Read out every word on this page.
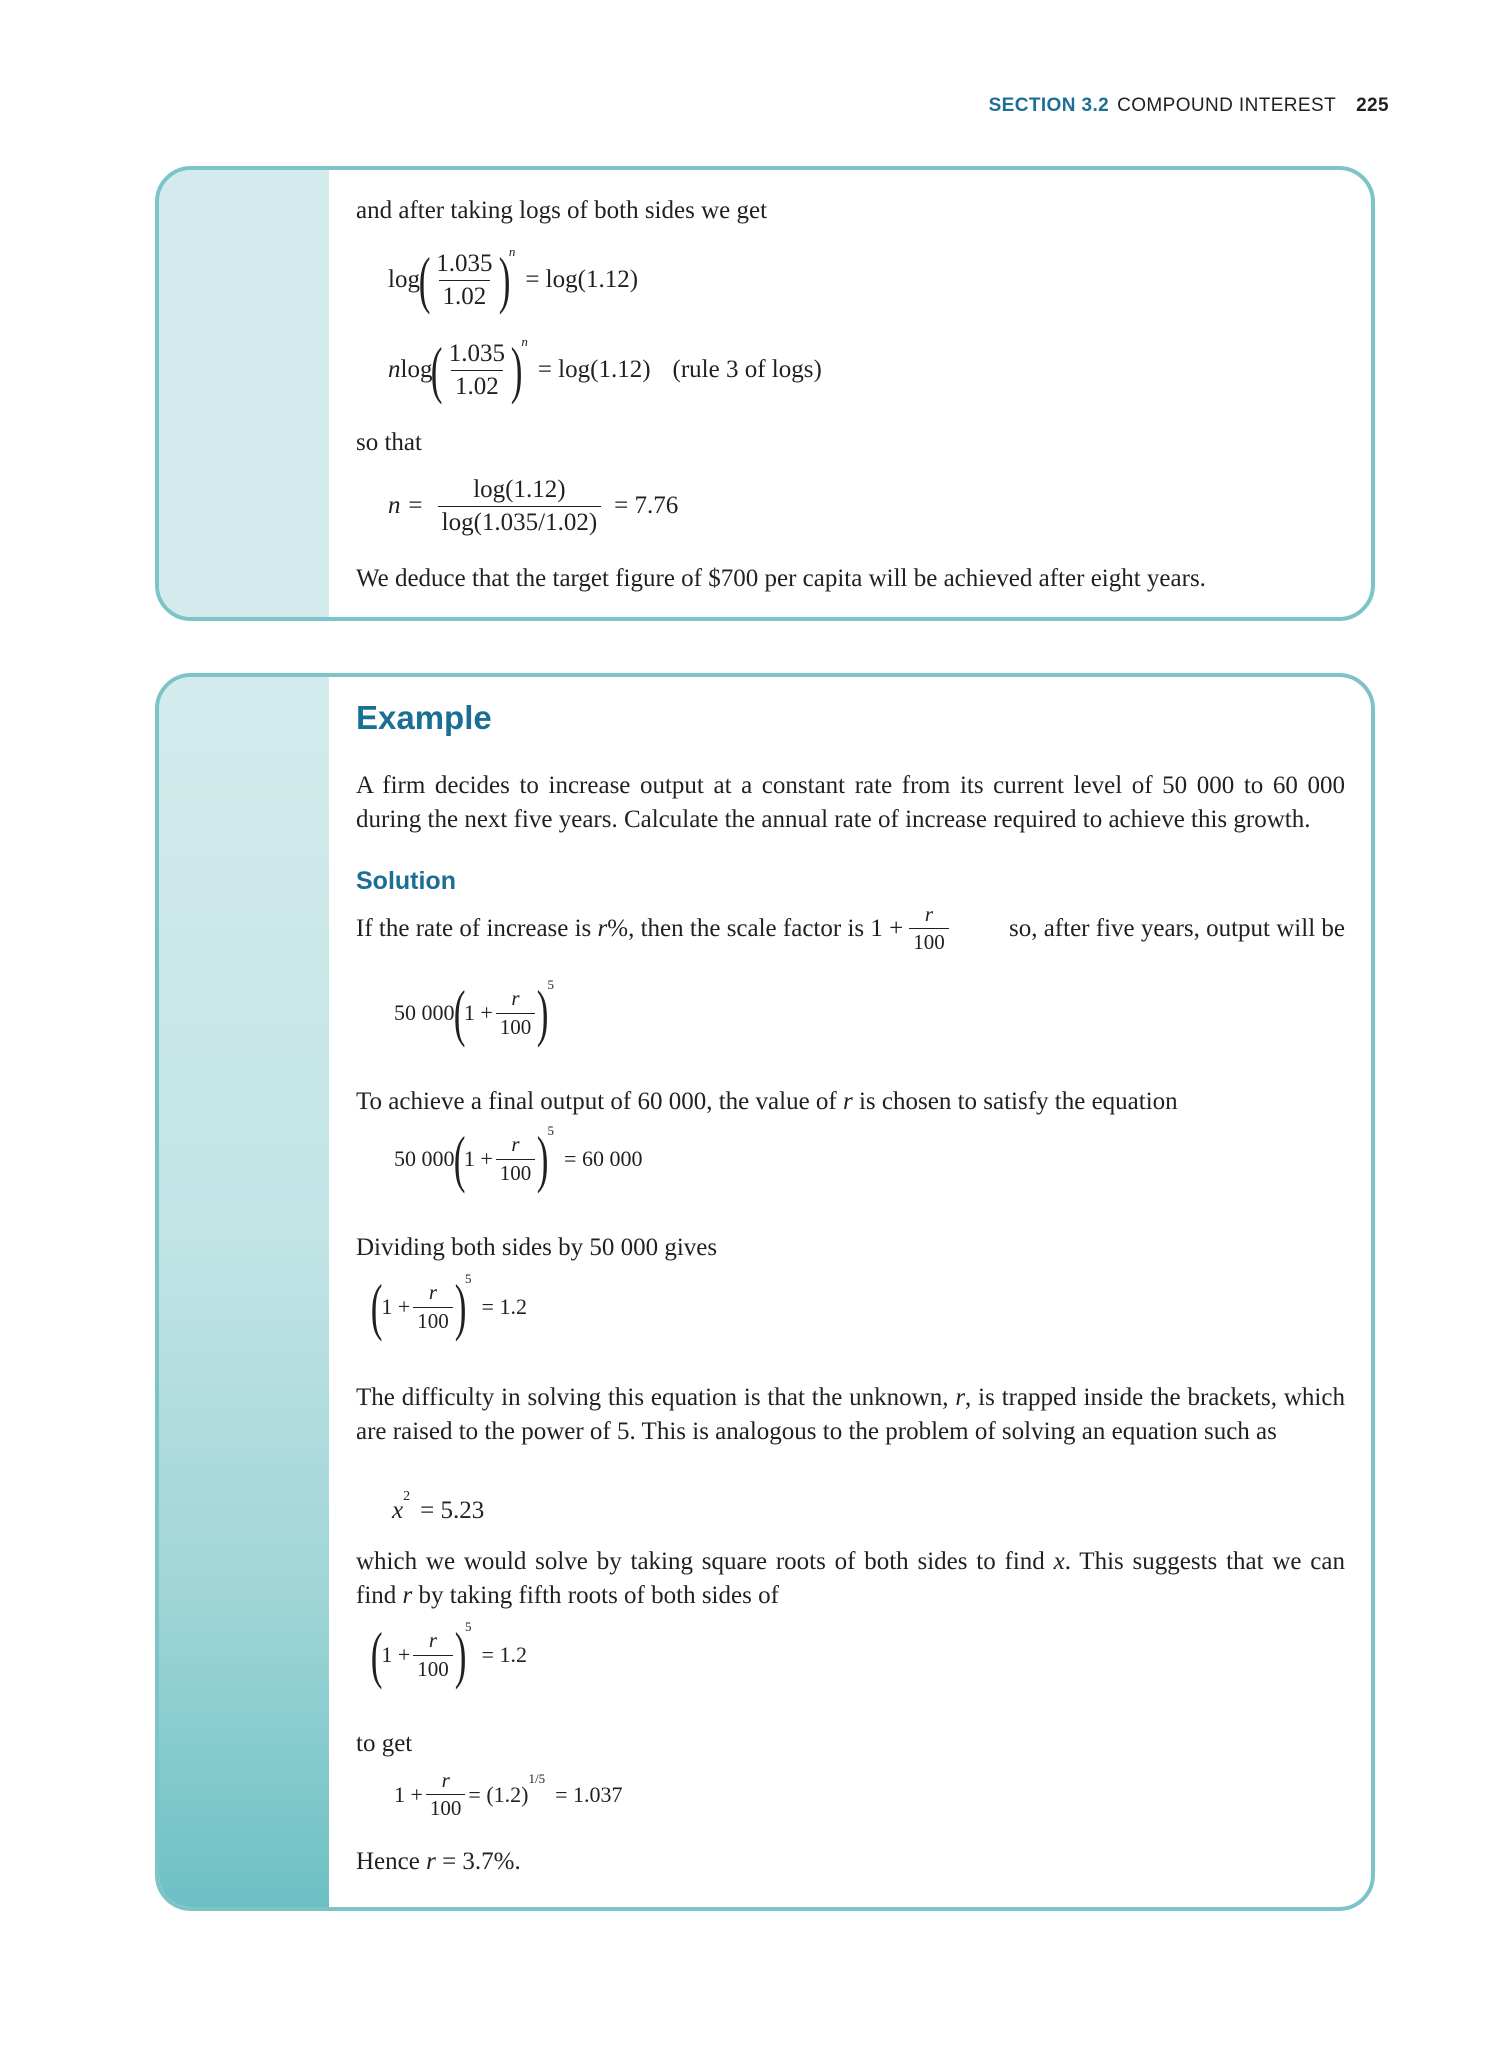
SECTION 3.2 COMPOUND INTEREST 225

and after taking logs of both sides we get

log
( $\frac{1.035}{1.02}$ )
n
= log(1.12)
n log
( $\frac{1.035}{1.02}$ )
n
= log(1.12) (rule 3 of logs)

so that

$n = \frac{\log(1.12)}{\log(1.035/1.02)} = 7.76$

We deduce that the target figure of $700 per capita will be achieved after eight years.

Example

A firm decides to increase output at a constant rate from its current level of 50 000 to 60 000 during the next five years. Calculate the annual rate of increase required to achieve this growth.

Solution
If the rate of increase is r%, then the scale factor is $1 + \frac{r}{100}$	so, after five years, output will be
50 000
(
$1 + \frac{r}{100}$ )
5

To achieve a final output of 60 000, the value of r is chosen to satisfy the equation

50 000
(
$1 + \frac{r}{100}$ )
5
= 60 000

Dividing both sides by 50 000 gives

(
$1 + \frac{r}{100}$ )
5
= 1.2

The difficulty in solving this equation is that the unknown, r, is trapped inside the brackets, which are raised to the power of 5. This is analogous to the problem of solving an equation such as

x
2
= 5.23

which we would solve by taking square roots of both sides to find x. This suggests that we can find r by taking fifth roots of both sides of

(
$1 + \frac{r}{100}$ )
5
= 1.2

to get

$1 + \frac{r}{100} = (1.2)$
1/5
= 1.037

Hence r = 3.7%.
